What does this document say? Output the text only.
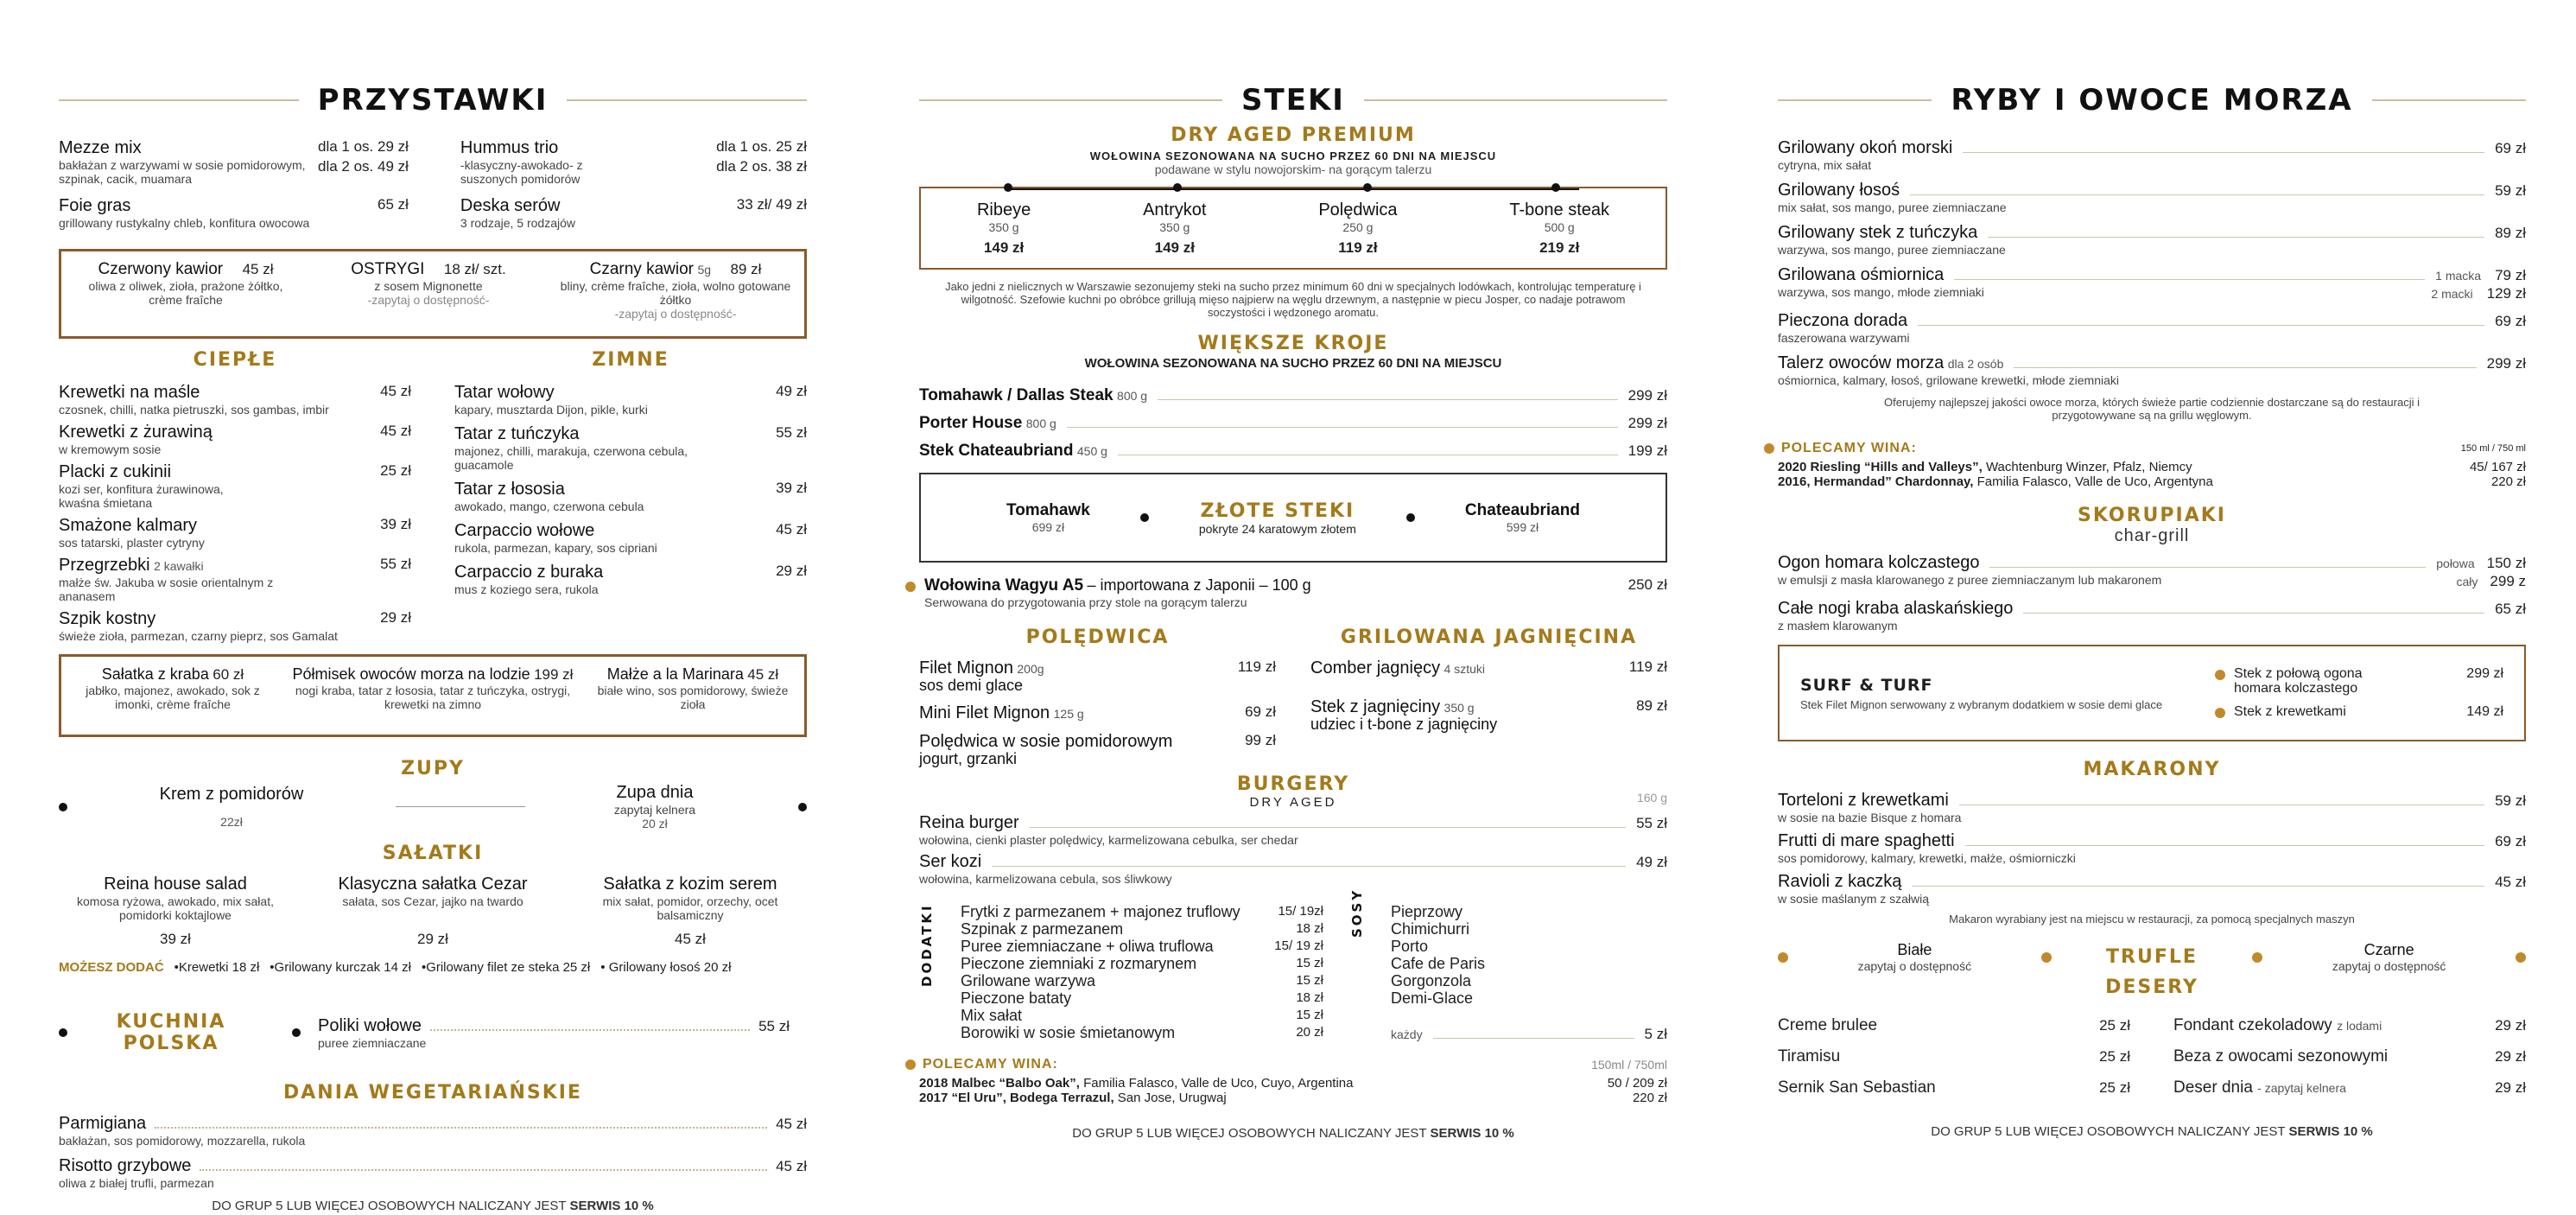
PRZYSTAWKI
Mezze mix	dla 1 os. 29 zł
bakłażan z warzywami w sosie pomidorowym, szpinak, cacik, muamara
dla 2 os. 49 zł
Foie gras	65 zł
grillowany rustykalny chleb, konfitura owocowa
Hummus trio	dla 1 os. 25 zł
-klasyczny-awokado- z suszonych pomidorów
dla 2 os. 38 zł
Deska serów	33 zł/ 49 zł
3 rodzaje, 5 rodzajów
Czerwony kawior 45 zł
oliwa z oliwek, zioła, prażone żółtko, crème fraîche
OSTRYGI 18 zł/ szt.
z sosem Mignonette
-zapytaj o dostępność-
Czarny kawior 5g 89 zł
bliny, crème fraîche, zioła, wolno gotowane żółtko
-zapytaj o dostępność-
CIEPŁE
Krewetki na maśle	45 zł
czosnek, chilli, natka pietruszki, sos gambas, imbir
Krewetki z żurawiną	45 zł
w kremowym sosie
Placki z cukinii	25 zł
kozi ser, konfitura żurawinowa, kwaśna śmietana
Smażone kalmary	39 zł
sos tatarski, plaster cytryny
Przegrzebki 2 kawałki	55 zł
małże św. Jakuba w sosie orientalnym z ananasem
Szpik kostny	29 zł
świeże zioła, parmezan, czarny pieprz, sos Gamalat
ZIMNE
Tatar wołowy	49 zł
kapary, musztarda Dijon, pikle, kurki
Tatar z tuńczyka	55 zł
majonez, chilli, marakuja, czerwona cebula, guacamole
Tatar z łososia	39 zł
awokado, mango, czerwona cebula
Carpaccio wołowe	45 zł
rukola, parmezan, kapary, sos cipriani
Carpaccio z buraka	29 zł
mus z koziego sera, rukola
Sałatka z kraba 60 zł
jabłko, majonez, awokado, sok z imonki, crème fraîche
Półmisek owoców morza na lodzie 199 zł
nogi kraba, tatar z łososia, tatar z tuńczyka, ostrygi, krewetki na zimno
Małże a la Marinara 45 zł
białe wino, sos pomidorowy, świeże zioła
ZUPY
Krem z pomidorów
22zł
Zupa dnia
zapytaj kelnera
20 zł
SAŁATKI
Reina house salad
komosa ryżowa, awokado, mix sałat, pomidorki koktajlowe
39 zł
Klasyczna sałatka Cezar
sałata, sos Cezar, jajko na twardo
29 zł
Sałatka z kozim serem
mix sałat, pomidor, orzechy, ocet balsamiczny
45 zł
MOŻESZ DODAĆ •Krewetki 18 zł •Grilowany kurczak 14 zł •Grilowany filet ze steka 25 zł • Grilowany łosoś 20 zł
KUCHNIA POLSKA
Poliki wołowe	55 zł
puree ziemniaczane
DANIA WEGETARIAŃSKIE
Parmigiana	45 zł
bakłażan, sos pomidorowy, mozzarella, rukola
Risotto grzybowe	45 zł
oliwa z białej trufli, parmezan
DO GRUP 5 LUB WIĘCEJ OSOBOWYCH NALICZANY JEST SERWIS 10 %
STEKI
DRY AGED PREMIUM
WOŁOWINA SEZONOWANA NA SUCHO PRZEZ 60 DNI NA MIEJSCU
podawane w stylu nowojorskim- na gorącym talerzu
Ribeye
350 g
149 zł
Antrykot
350 g
149 zł
Polędwica
250 g
119 zł
T-bone steak
500 g
219 zł
Jako jedni z nielicznych w Warszawie sezonujemy steki na sucho przez minimum 60 dni w specjalnych lodówkach, kontrolując temperaturę i wilgotność. Szefowie kuchni po obróbce grillują mięso najpierw na węglu drzewnym, a następnie w piecu Josper, co nadaje potrawom soczystości i wędzonego aromatu.
WIĘKSZE KROJE
WOŁOWINA SEZONOWANA NA SUCHO PRZEZ 60 DNI NA MIEJSCU
Tomahawk / Dallas Steak
800 g	299 zł
Porter House
800 g	299 zł
Stek Chateaubriand
450 g	199 zł
Tomahawk
699 zł
ZŁOTE STEKI
pokryte 24 karatowym złotem
Chateaubriand
599 zł
Wołowina Wagyu A5 – importowana z Japonii – 100 g	250 zł
Serwowana do przygotowania przy stole na gorącym talerzu
POLĘDWICA
Filet Mignon 200g	119 zł
sos demi glace
Mini Filet Mignon 125 g	69 zł
Polędwica w sosie pomidorowym	99 zł
jogurt, grzanki
GRILOWANA JAGNIĘCINA
Comber jagnięcy 4 sztuki	119 zł
Stek z jagnięciny 350 g	89 zł
udziec i t-bone z jagnięciny
BURGERY
DRY AGED	160 g
Reina burger	55 zł
wołowina, cienki plaster polędwicy, karmelizowana cebulka, ser chedar
Ser kozi	49 zł
wołowina, karmelizowana cebula, sos śliwkowy
DODATKI Frytki z parmezanem + majonez truflowy	15/ 19zł
Szpinak z parmezanem	18 zł
Puree ziemniaczane + oliwa truflowa	15/ 19 zł
Pieczone ziemniaki z rozmarynem	15 zł
Grilowane warzywa	15 zł
Pieczone bataty	18 zł
Mix sałat	15 zł
Borowiki w sosie śmietanowym	20 zł
SOSY Pieprzowy
Chimichurri
Porto
Cafe de Paris
Gorgonzola
Demi-Glace
każdy	5 zł
POLECAMY WINA:	150ml / 750ml
2018 Malbec “Balbo Oak”, Familia Falasco, Valle de Uco, Cuyo, Argentina	50 / 209 zł
2017 “El Uru”, Bodega Terrazul, San Jose, Urugwaj	220 zł
DO GRUP 5 LUB WIĘCEJ OSOBOWYCH NALICZANY JEST SERWIS 10 %
RYBY I OWOCE MORZA
Grilowany okoń morski	69 zł
cytryna, mix sałat
Grilowany łosoś	59 zł
mix sałat, sos mango, puree ziemniaczane
Grilowany stek z tuńczyka	89 zł
warzywa, sos mango, puree ziemniaczane
Grilowana ośmiornica	1 macka 79 zł
warzywa, sos mango, młode ziemniaki	2 macki 129 zł
Pieczona dorada	69 zł
faszerowana warzywami
Talerz owoców morza dla 2 osób	299 zł
ośmiornica, kalmary, łosoś, grilowane krewetki, młode ziemniaki
Oferujemy najlepszej jakości owoce morza, których świeże partie codziennie dostarczane są do restauracji i przygotowywane są na grillu węglowym.
POLECAMY WINA:	150 ml / 750 ml
2020 Riesling “Hills and Valleys”, Wachtenburg Winzer, Pfalz, Niemcy	45/ 167 zł
2016, Hermandad” Chardonnay, Familia Falasco, Valle de Uco, Argentyna	220 zł
SKORUPIAKI
char-grill
Ogon homara kolczastego	połowa 150 zł
w emulsji z masła klarowanego z puree ziemniaczanym lub makaronem	cały 299 z
Całe nogi kraba alaskańskiego	65 zł
z masłem klarowanym
SURF & TURF
Stek Filet Mignon serwowany z wybranym dodatkiem w sosie demi glace
Stek z połową ogona homara kolczastego
299 zł
Stek z krewetkami	149 zł
MAKARONY
Torteloni z krewetkami	59 zł
w sosie na bazie Bisque z homara
Frutti di mare spaghetti	69 zł
sos pomidorowy, kalmary, krewetki, małże, ośmiorniczki
Ravioli z kaczką	45 zł
w sosie maślanym z szałwią
Makaron wyrabiany jest na miejscu w restauracji, za pomocą specjalnych maszyn
Białe
zapytaj o dostępność	TRUFLE	Czarne
zapytaj o dostępność
DESERY
Creme brulee	25 zł
Tiramisu	25 zł
Sernik San Sebastian	25 zł
Fondant czekoladowy z lodami	29 zł
Beza z owocami sezonowymi	29 zł
Deser dnia - zapytaj kelnera	29 zł
DO GRUP 5 LUB WIĘCEJ OSOBOWYCH NALICZANY JEST SERWIS 10 %
